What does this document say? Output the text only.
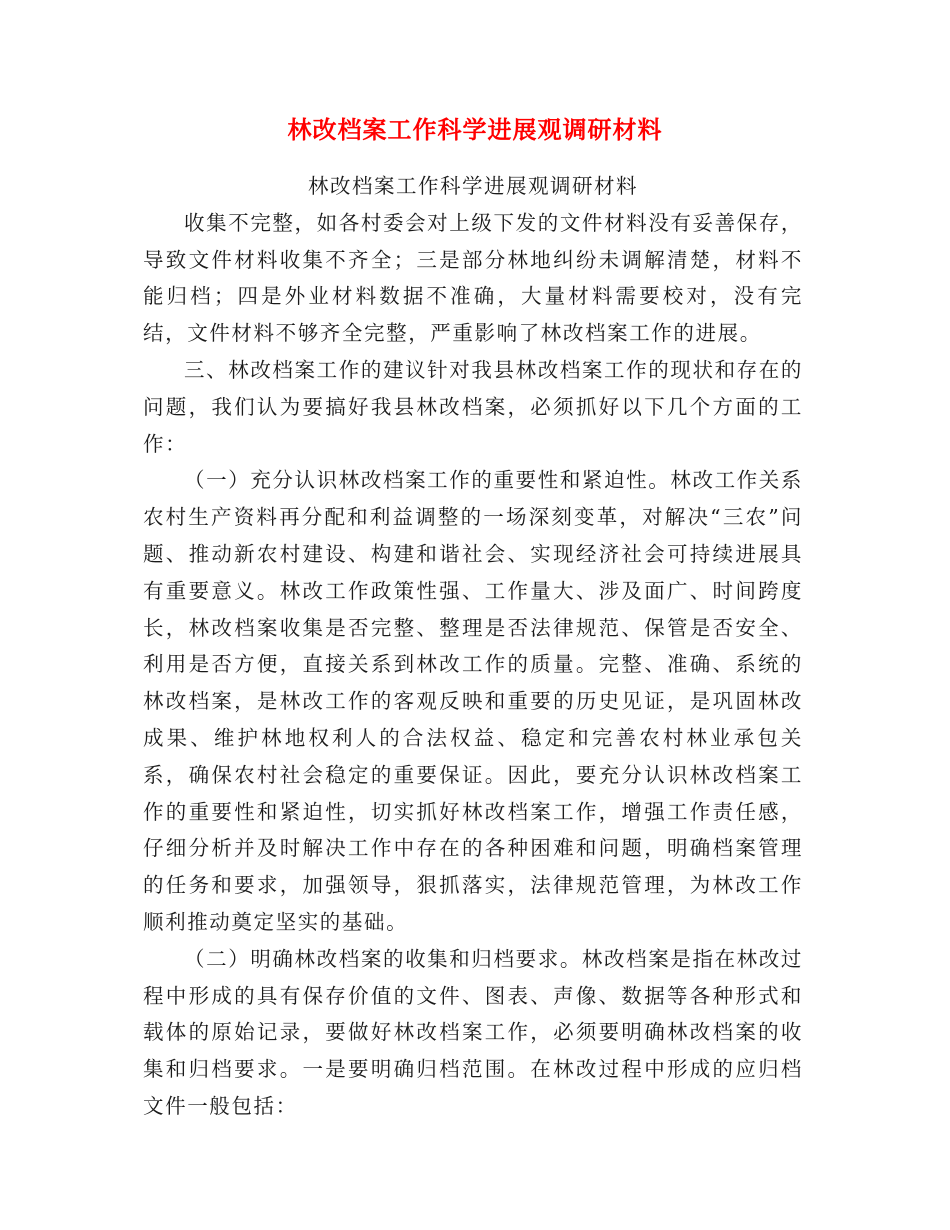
林改档案工作科学进展观调研材料

林改档案工作科学进展观调研材料

收集不完整，如各村委会对上级下发的文件材料没有妥善保存，导致文件材料收集不齐全；三是部分林地纠纷未调解清楚，材料不能归档；四是外业材料数据不准确，大量材料需要校对，没有完结，文件材料不够齐全完整，严重影响了林改档案工作的进展。

三、林改档案工作的建议针对我县林改档案工作的现状和存在的问题，我们认为要搞好我县林改档案，必须抓好以下几个方面的工作：

（一）充分认识林改档案工作的重要性和紧迫性。林改工作关系农村生产资料再分配和利益调整的一场深刻变革，对解决“三农”问题、推动新农村建设、构建和谐社会、实现经济社会可持续进展具有重要意义。林改工作政策性强、工作量大、涉及面广、时间跨度长，林改档案收集是否完整、整理是否法律规范、保管是否安全、利用是否方便，直接关系到林改工作的质量。完整、准确、系统的林改档案，是林改工作的客观反映和重要的历史见证，是巩固林改成果、维护林地权利人的合法权益、稳定和完善农村林业承包关系，确保农村社会稳定的重要保证。因此，要充分认识林改档案工作的重要性和紧迫性，切实抓好林改档案工作，增强工作责任感，仔细分析并及时解决工作中存在的各种困难和问题，明确档案管理的任务和要求，加强领导，狠抓落实，法律规范管理，为林改工作顺利推动奠定坚实的基础。

（二）明确林改档案的收集和归档要求。林改档案是指在林改过程中形成的具有保存价值的文件、图表、声像、数据等各种形式和载体的原始记录，要做好林改档案工作，必须要明确林改档案的收集和归档要求。一是要明确归档范围。在林改过程中形成的应归档文件一般包括：
